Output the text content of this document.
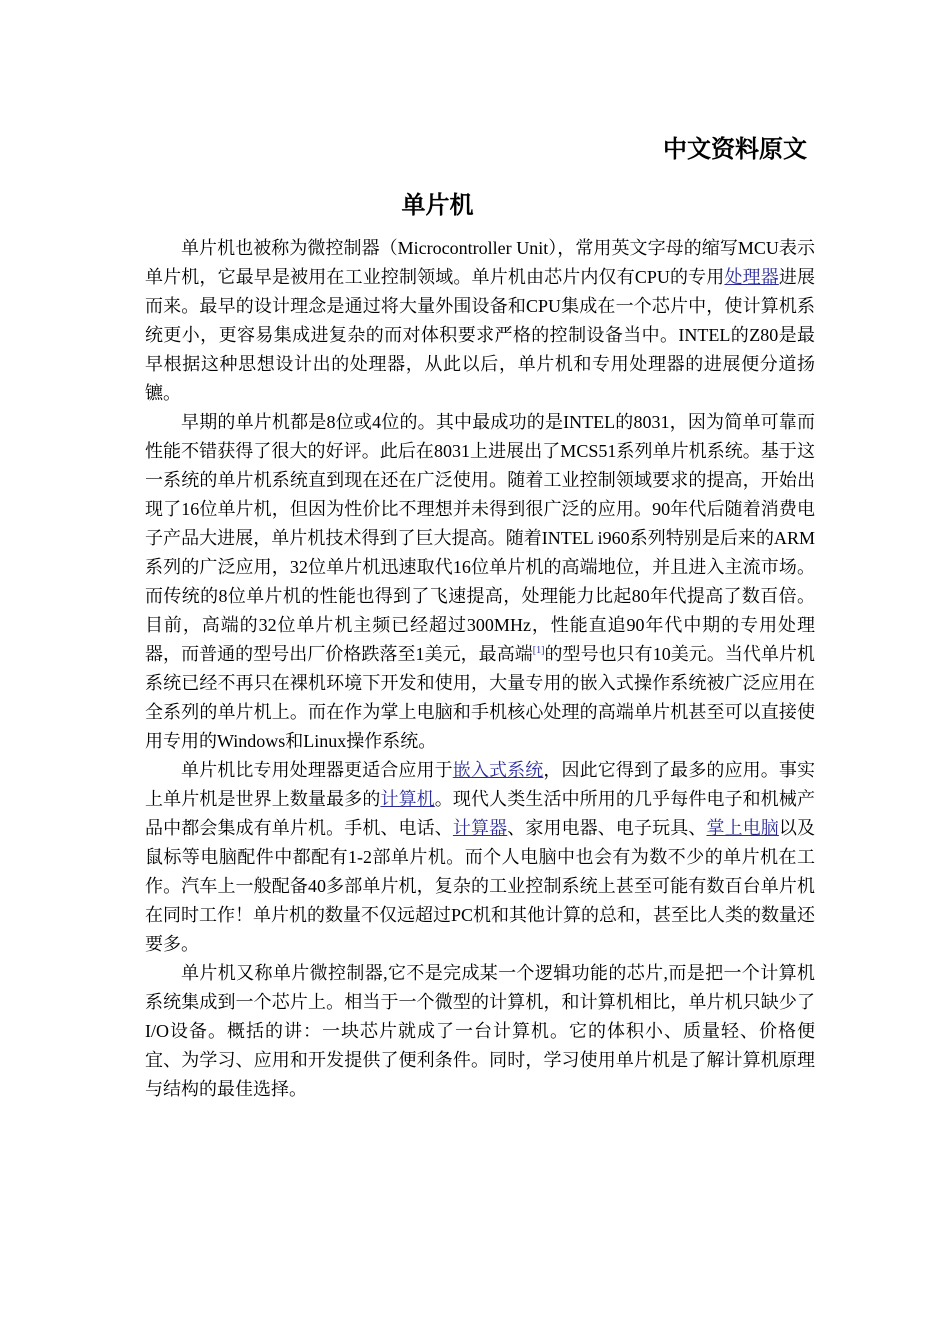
中文资料原文
单片机

单片机也被称为微控制器（Microcontroller Unit），常用英文字母的缩写MCU表示单片机，它最早是被用在工业控制领域。单片机由芯片内仅有CPU的专用处理器进展而来。最早的设计理念是通过将大量外围设备和CPU集成在一个芯片中，使计算机系统更小，更容易集成进复杂的而对体积要求严格的控制设备当中。INTEL的Z80是最早根据这种思想设计出的处理器，从此以后，单片机和专用处理器的进展便分道扬镳。

早期的单片机都是8位或4位的。其中最成功的是INTEL的8031，因为简单可靠而性能不错获得了很大的好评。此后在8031上进展出了MCS51系列单片机系统。基于这一系统的单片机系统直到现在还在广泛使用。随着工业控制领域要求的提高，开始出现了16位单片机，但因为性价比不理想并未得到很广泛的应用。90年代后随着消费电子产品大进展，单片机技术得到了巨大提高。随着INTEL i960系列特别是后来的ARM系列的广泛应用，32位单片机迅速取代16位单片机的高端地位，并且进入主流市场。而传统的8位单片机的性能也得到了飞速提高，处理能力比起80年代提高了数百倍。目前，高端的32位单片机主频已经超过300MHz，性能直追90年代中期的专用处理器，而普通的型号出厂价格跌落至1美元，最高端[1]的型号也只有10美元。当代单片机系统已经不再只在裸机环境下开发和使用，大量专用的嵌入式操作系统被广泛应用在全系列的单片机上。而在作为掌上电脑和手机核心处理的高端单片机甚至可以直接使用专用的Windows和Linux操作系统。

单片机比专用处理器更适合应用于嵌入式系统，因此它得到了最多的应用。事实上单片机是世界上数量最多的计算机。现代人类生活中所用的几乎每件电子和机械产品中都会集成有单片机。手机、电话、计算器、家用电器、电子玩具、掌上电脑以及鼠标等电脑配件中都配有1-2部单片机。而个人电脑中也会有为数不少的单片机在工作。汽车上一般配备40多部单片机，复杂的工业控制系统上甚至可能有数百台单片机在同时工作！单片机的数量不仅远超过PC机和其他计算的总和，甚至比人类的数量还要多。

单片机又称单片微控制器,它不是完成某一个逻辑功能的芯片,而是把一个计算机系统集成到一个芯片上。相当于一个微型的计算机，和计算机相比，单片机只缺少了I/O设备。概括的讲：一块芯片就成了一台计算机。它的体积小、质量轻、价格便宜、为学习、应用和开发提供了便利条件。同时，学习使用单片机是了解计算机原理与结构的最佳选择。
